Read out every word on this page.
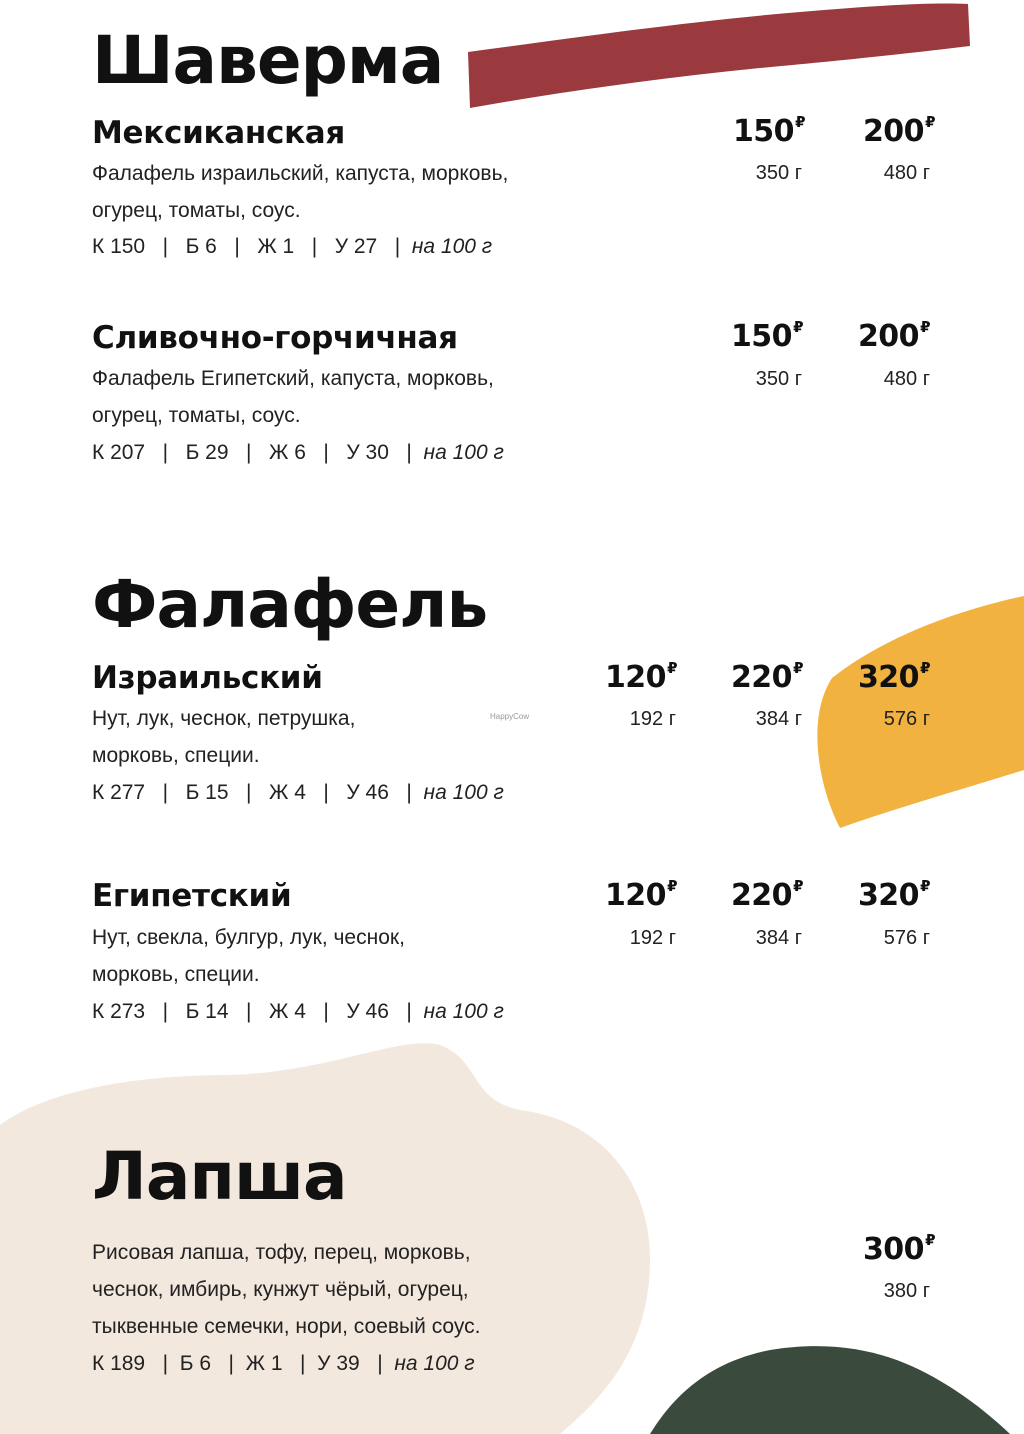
Шаверма
Мексиканская
Фалафель израильский, капуста, морковь,
огурец, томаты, соус.
К 150   |   Б 6   |   Ж 1   |   У 27   |  на 100 г
150₽
350 г
200₽
480 г
Сливочно-горчичная
Фалафель Египетский, капуста, морковь,
огурец, томаты, соус.
К 207   |   Б 29   |   Ж 6   |   У 30   |  на 100 г
150₽
350 г
200₽
480 г
Фалафель
Израильский
Нут, лук, чеснок, петрушка,
морковь, специи.
К 277   |   Б 15   |   Ж 4   |   У 46   |  на 100 г
120₽
192 г
220₽
384 г
320₽
576 г
HappyCow
Египетский
Нут, свекла, булгур, лук, чеснок,
морковь, специи.
К 273   |   Б 14   |   Ж 4   |   У 46   |  на 100 г
120₽
192 г
220₽
384 г
320₽
576 г
Лапша
Рисовая лапша, тофу, перец, морковь,
чеснок, имбирь, кунжут чёрый, огурец,
тыквенные семечки, нори, соевый соус.
К 189   |  Б 6   |  Ж 1   |  У 39   |  на 100 г
300₽
380 г
